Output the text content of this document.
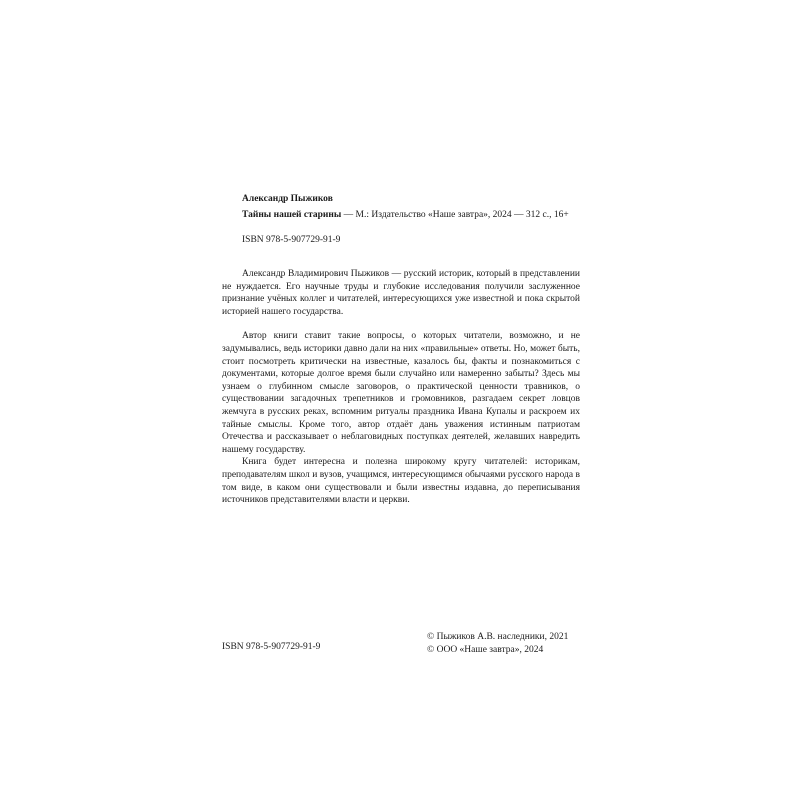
Александр Пыжиков
Тайны нашей старины — М.: Издательство «Наше завтра», 2024 — 312 с., 16+
ISBN 978-5-907729-91-9

Александр Владимирович Пыжиков — русский историк, который в представлении не нуждается. Его научные труды и глубокие исследования получили заслуженное признание учёных коллег и читателей, интересующихся уже известной и пока скрытой историей нашего государства.

Автор книги ставит такие вопросы, о которых читатели, возможно, и не задумывались, ведь историки давно дали на них «правильные» ответы. Но, может быть, стоит посмотреть критически на известные, казалось бы, факты и познакомиться с документами, которые долгое время были случайно или намеренно забыты? Здесь мы узнаем о глубинном смысле заговоров, о практической ценности травников, о существовании загадочных трепетников и громовников, разгадаем секрет ловцов жемчуга в русских реках, вспомним ритуалы праздника Ивана Купалы и раскроем их тайные смыслы. Кроме того, автор отдаёт дань уважения истинным патриотам Отечества и рассказывает о неблаговидных поступках деятелей, желавших навредить нашему государству.

Книга будет интересна и полезна широкому кругу читателей: историкам, преподавателям школ и вузов, учащимся, интересующимся обычаями русского народа в том виде, в каком они существовали и были известны издавна, до переписывания источников представителями власти и церкви.

ISBN 978-5-907729-91-9
© Пыжиков А.В. наследники, 2021
© ООО «Наше завтра», 2024
